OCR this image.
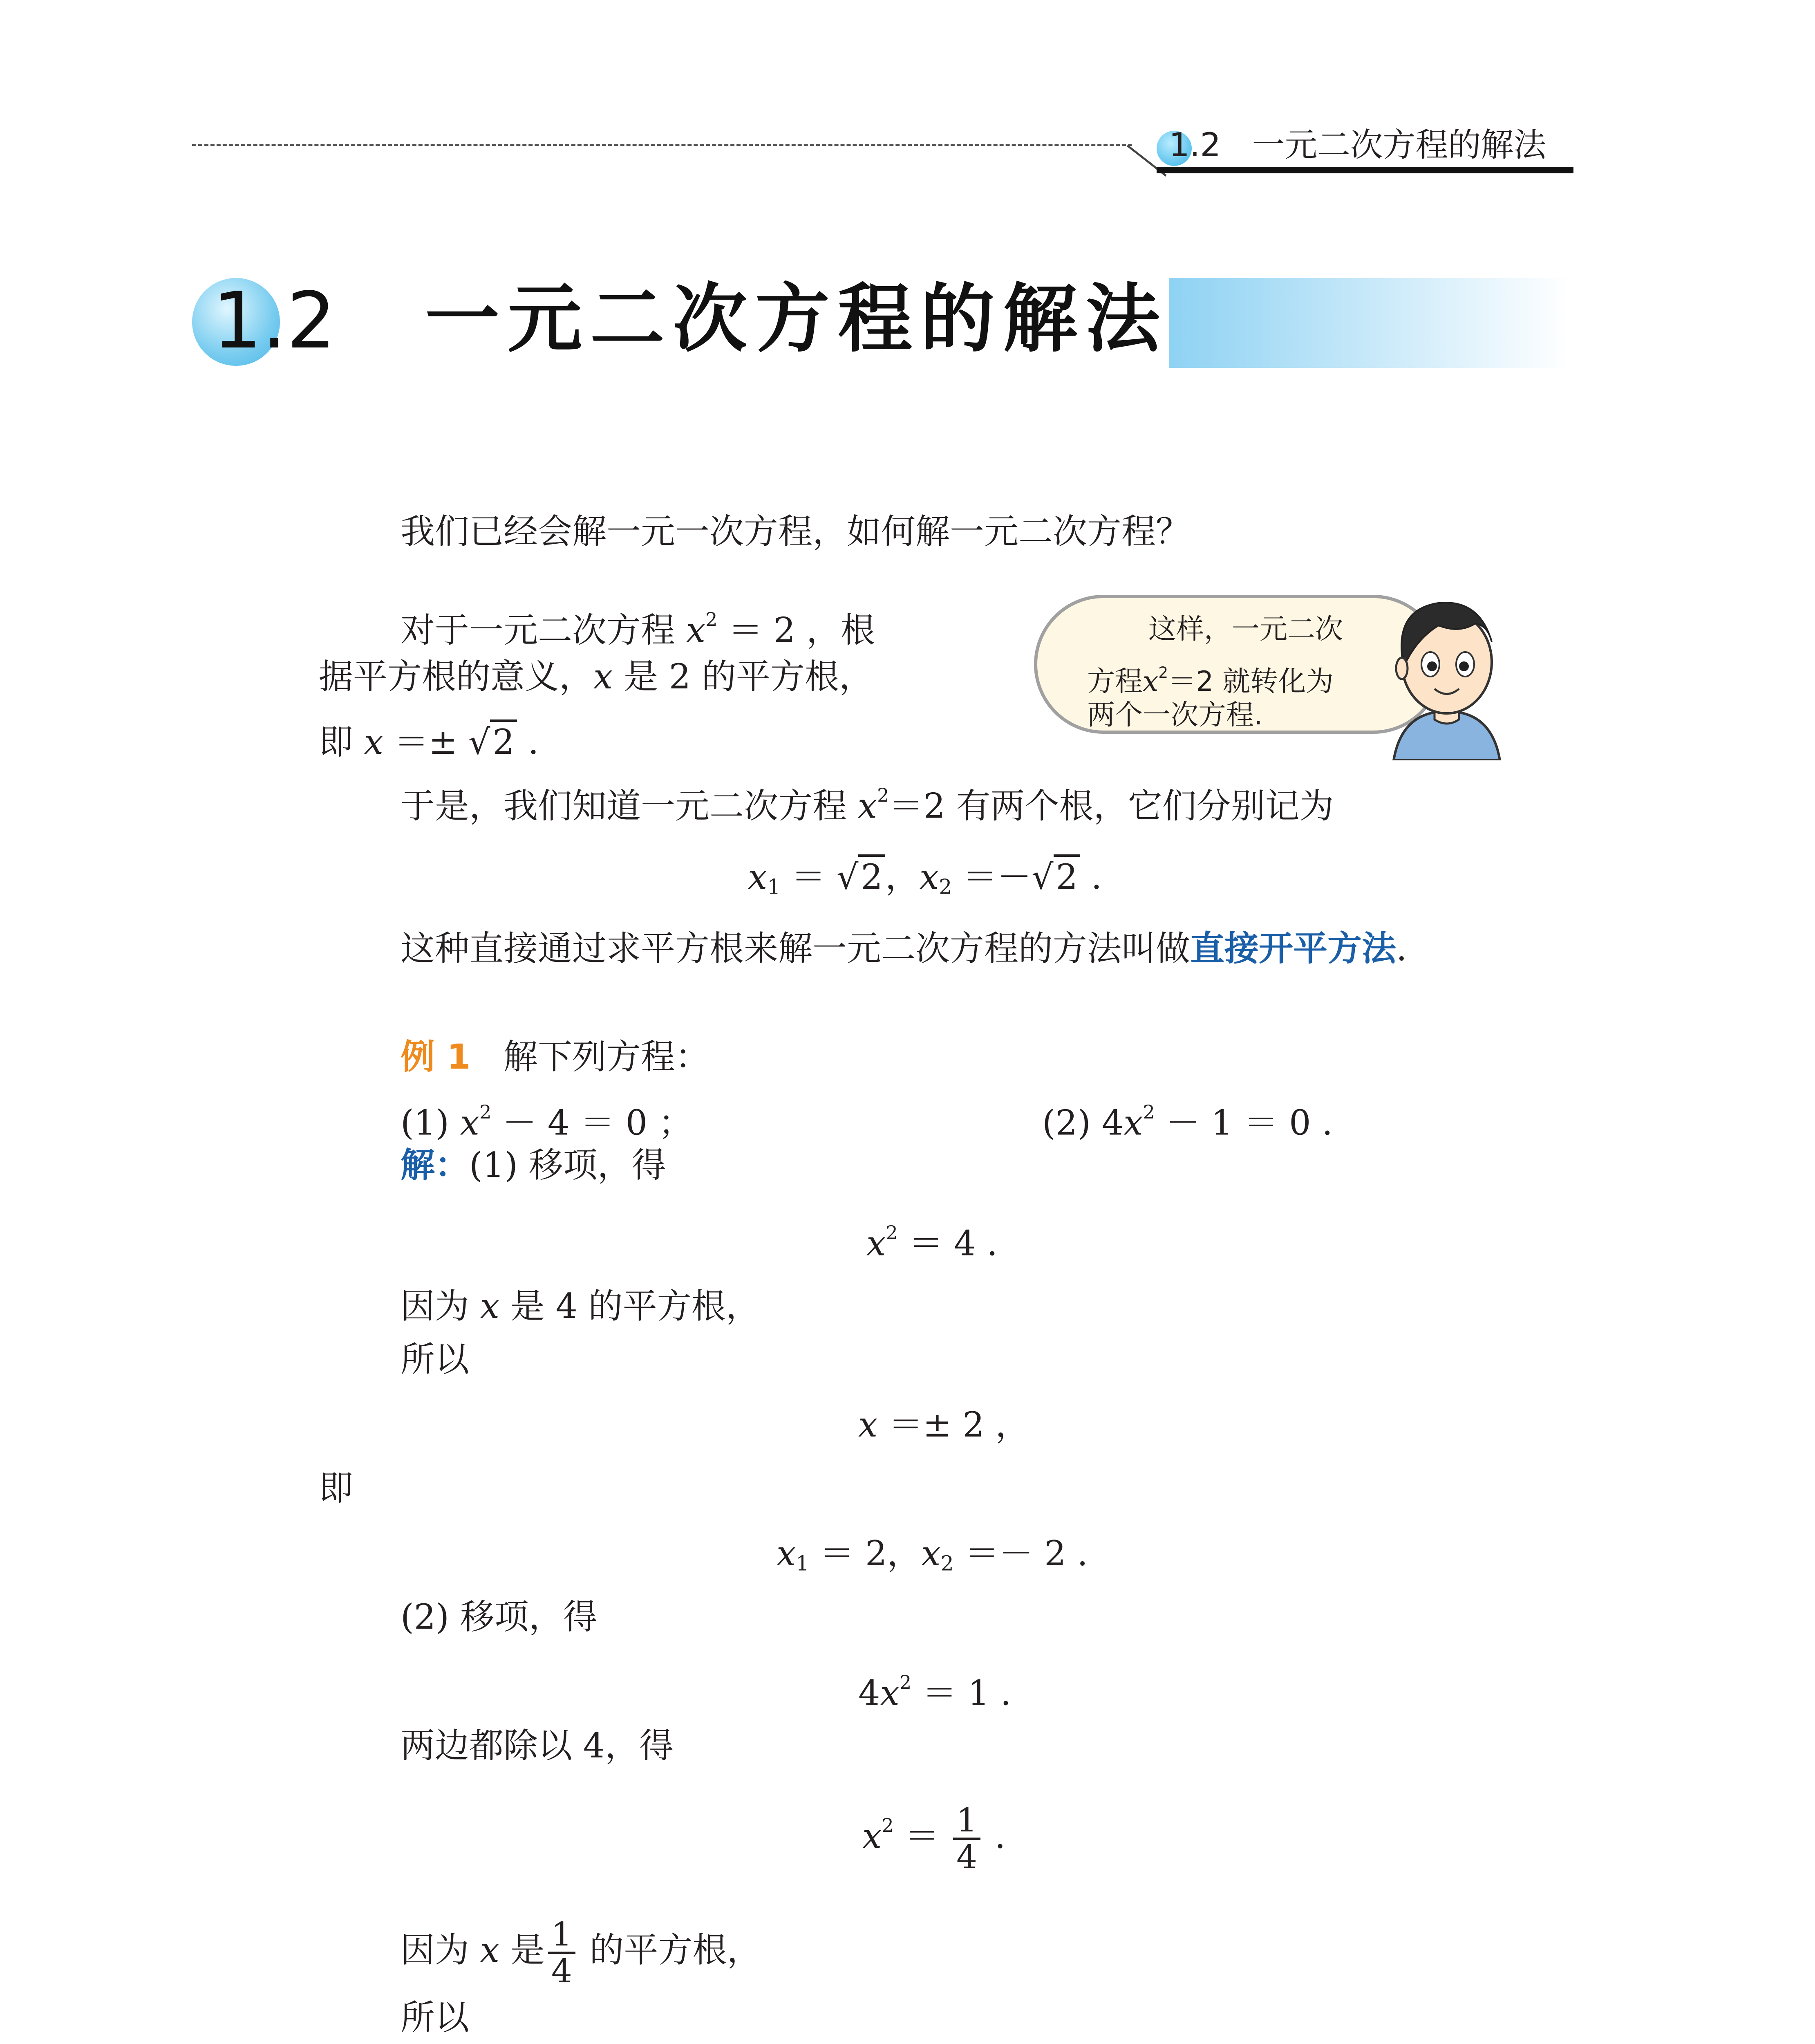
1.2 一元二次方程的解法
1.2 一元二次方程的解法
我们已经会解一元一次方程，如何解一元二次方程？
对于一元二次方程 $x^2 = 2$ ，根
据平方根的意义，x 是 2 的平方根，
即 x ＝± √2 .
这样，一元二次
方程$x^2=2$ 就转化为
两个一次方程.
于是，我们知道一元二次方程 $x^2=2$ 有两个根，它们分别记为
$x_1 = √2$，$x_2 =-√2$ .
这种直接通过求平方根来解一元二次方程的方法叫做直接开平方法.
例 1 解下列方程：
(1) $x^2 - 4 = 0$ ；	(2) $4x^2 - 1 = 0$ .
解：(1) 移项，得
$x^2 = 4$ .
因为 x 是 4 的平方根，
所以
x ＝± 2 ，
即
$x_1 = 2$，$x_2 =- 2$ .
(2) 移项，得
$4x^2 = 1$ .
两边都除以 4，得
$x^2 = \frac{1}{4}$ .
因为 x 是 $\frac{1}{4}$ 的平方根，
所以
